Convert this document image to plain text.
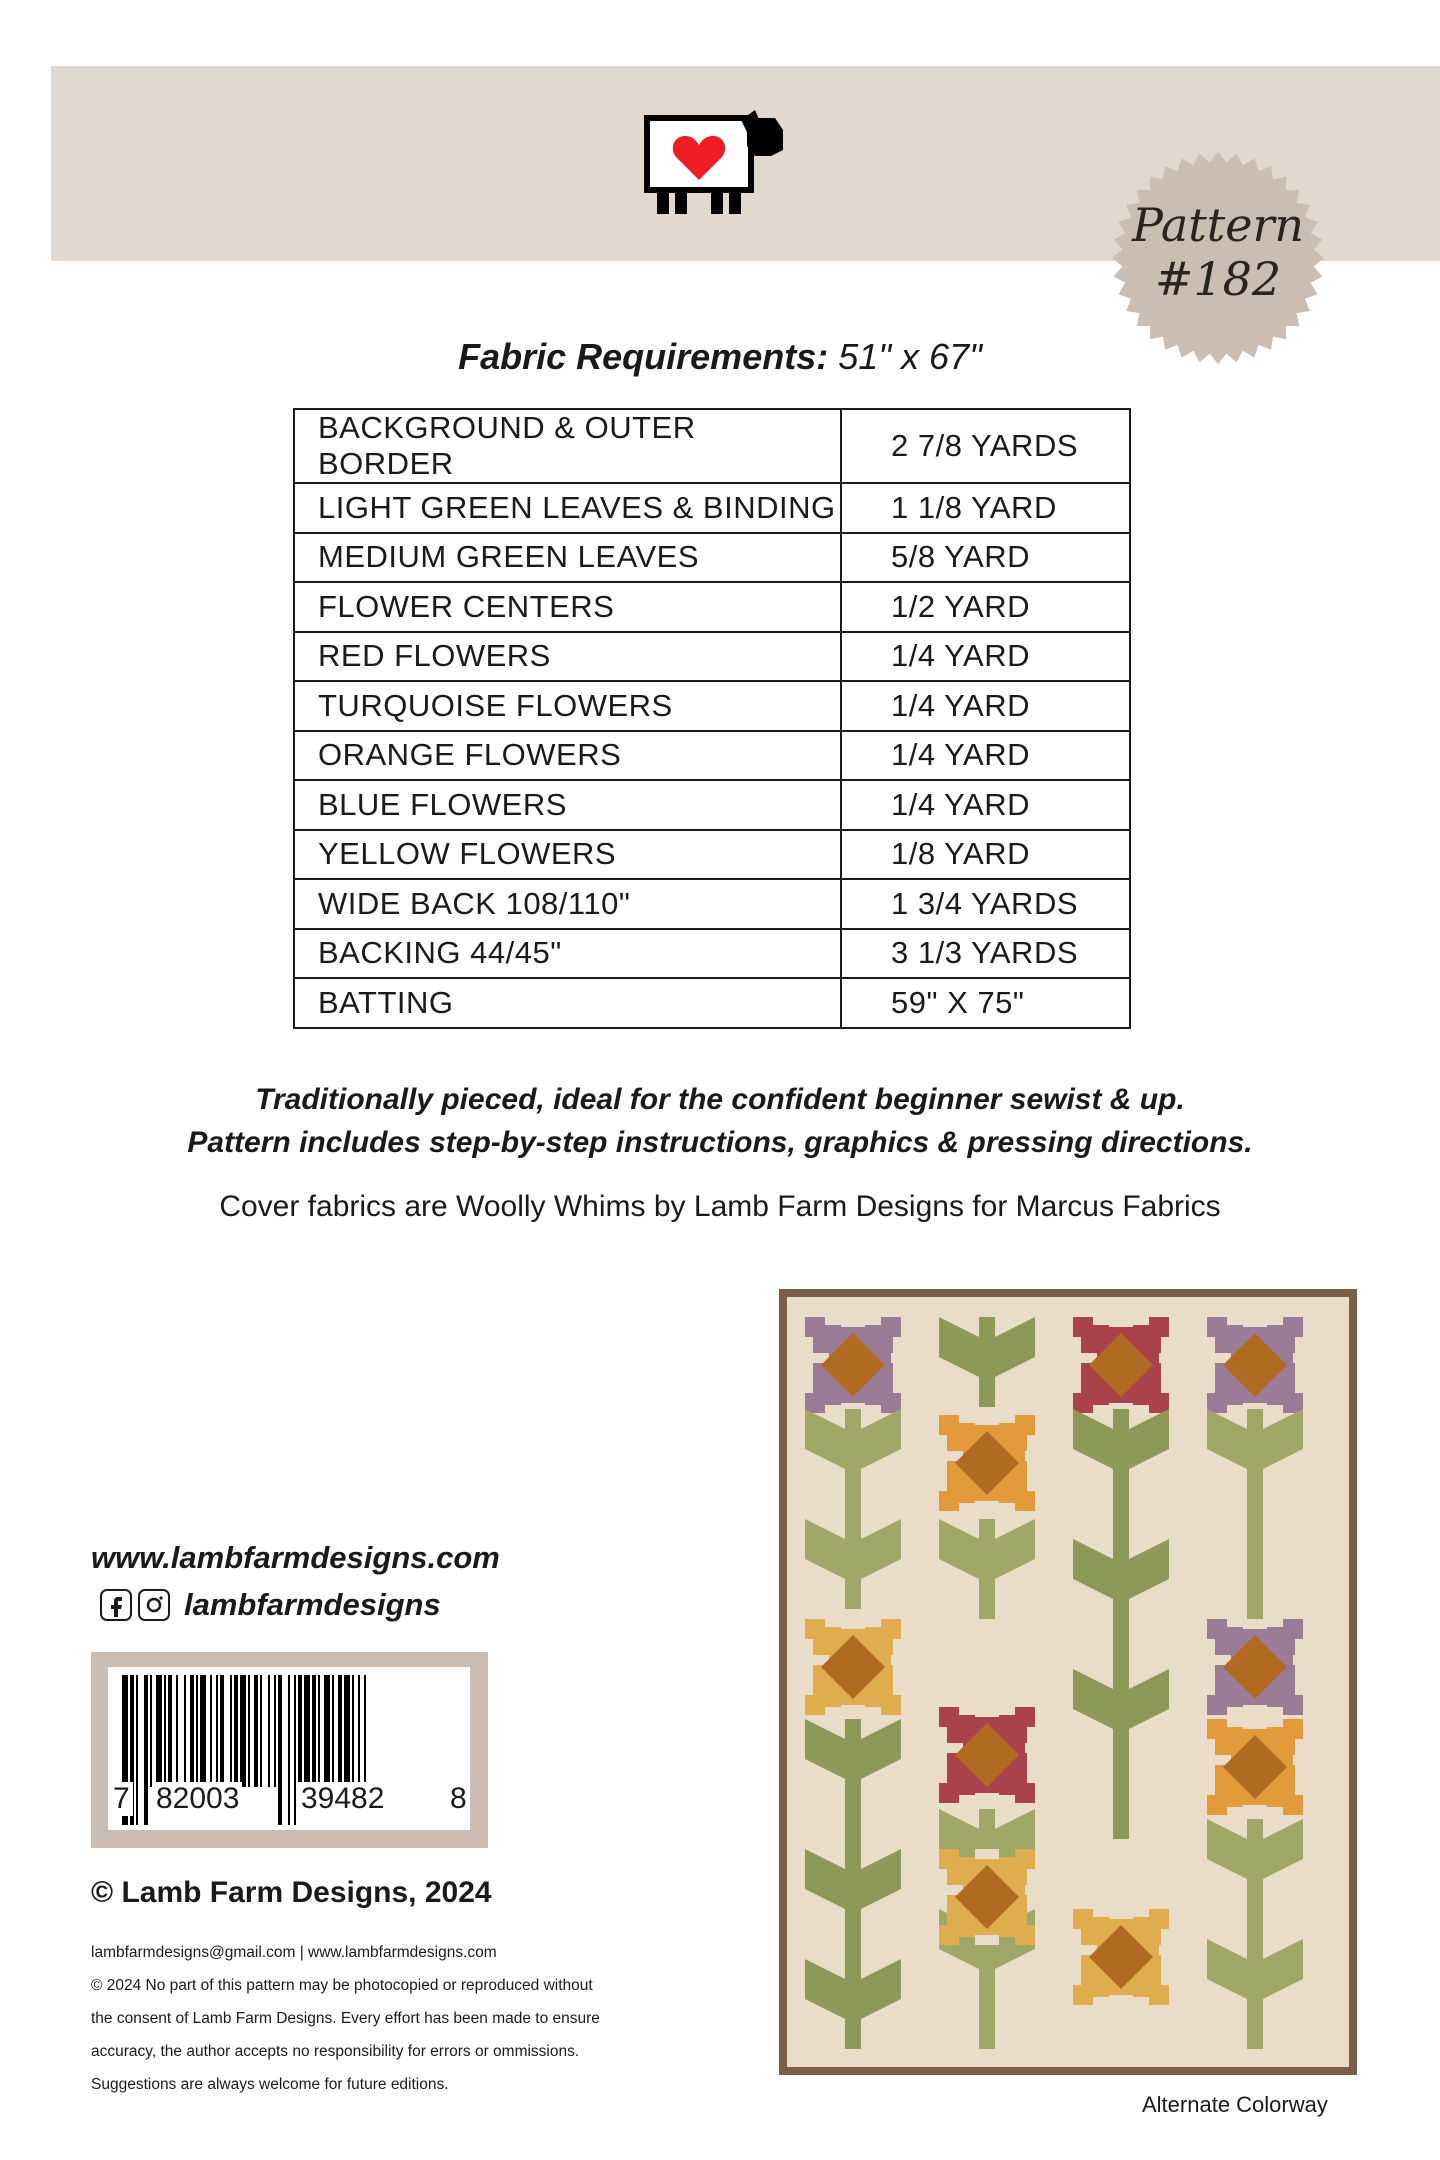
Pattern
#182
Fabric Requirements: 51" x 67"
BACKGROUND & OUTER BORDER	2 7/8 YARDS
LIGHT GREEN LEAVES & BINDING	1 1/8 YARD
MEDIUM GREEN LEAVES	5/8 YARD
FLOWER CENTERS	1/2 YARD
RED FLOWERS	1/4 YARD
TURQUOISE FLOWERS	1/4 YARD
ORANGE FLOWERS	1/4 YARD
BLUE FLOWERS	1/4 YARD
YELLOW FLOWERS	1/8 YARD
WIDE BACK 108/110"	1 3/4 YARDS
BACKING 44/45"	3 1/3 YARDS
BATTING	59" X 75"
Traditionally pieced, ideal for the confident beginner sewist & up.
Pattern includes step-by-step instructions, graphics & pressing directions.
Cover fabrics are Woolly Whims by Lamb Farm Designs for Marcus Fabrics
www.lambfarmdesigns.com
lambfarmdesigns
7 82003 39482 8
© Lamb Farm Designs, 2024
lambfarmdesigns@gmail.com | www.lambfarmdesigns.com
© 2024 No part of this pattern may be photocopied or reproduced without
the consent of Lamb Farm Designs. Every effort has been made to ensure
accuracy, the author accepts no responsibility for errors or ommissions.
Suggestions are always welcome for future editions.
Alternate Colorway
